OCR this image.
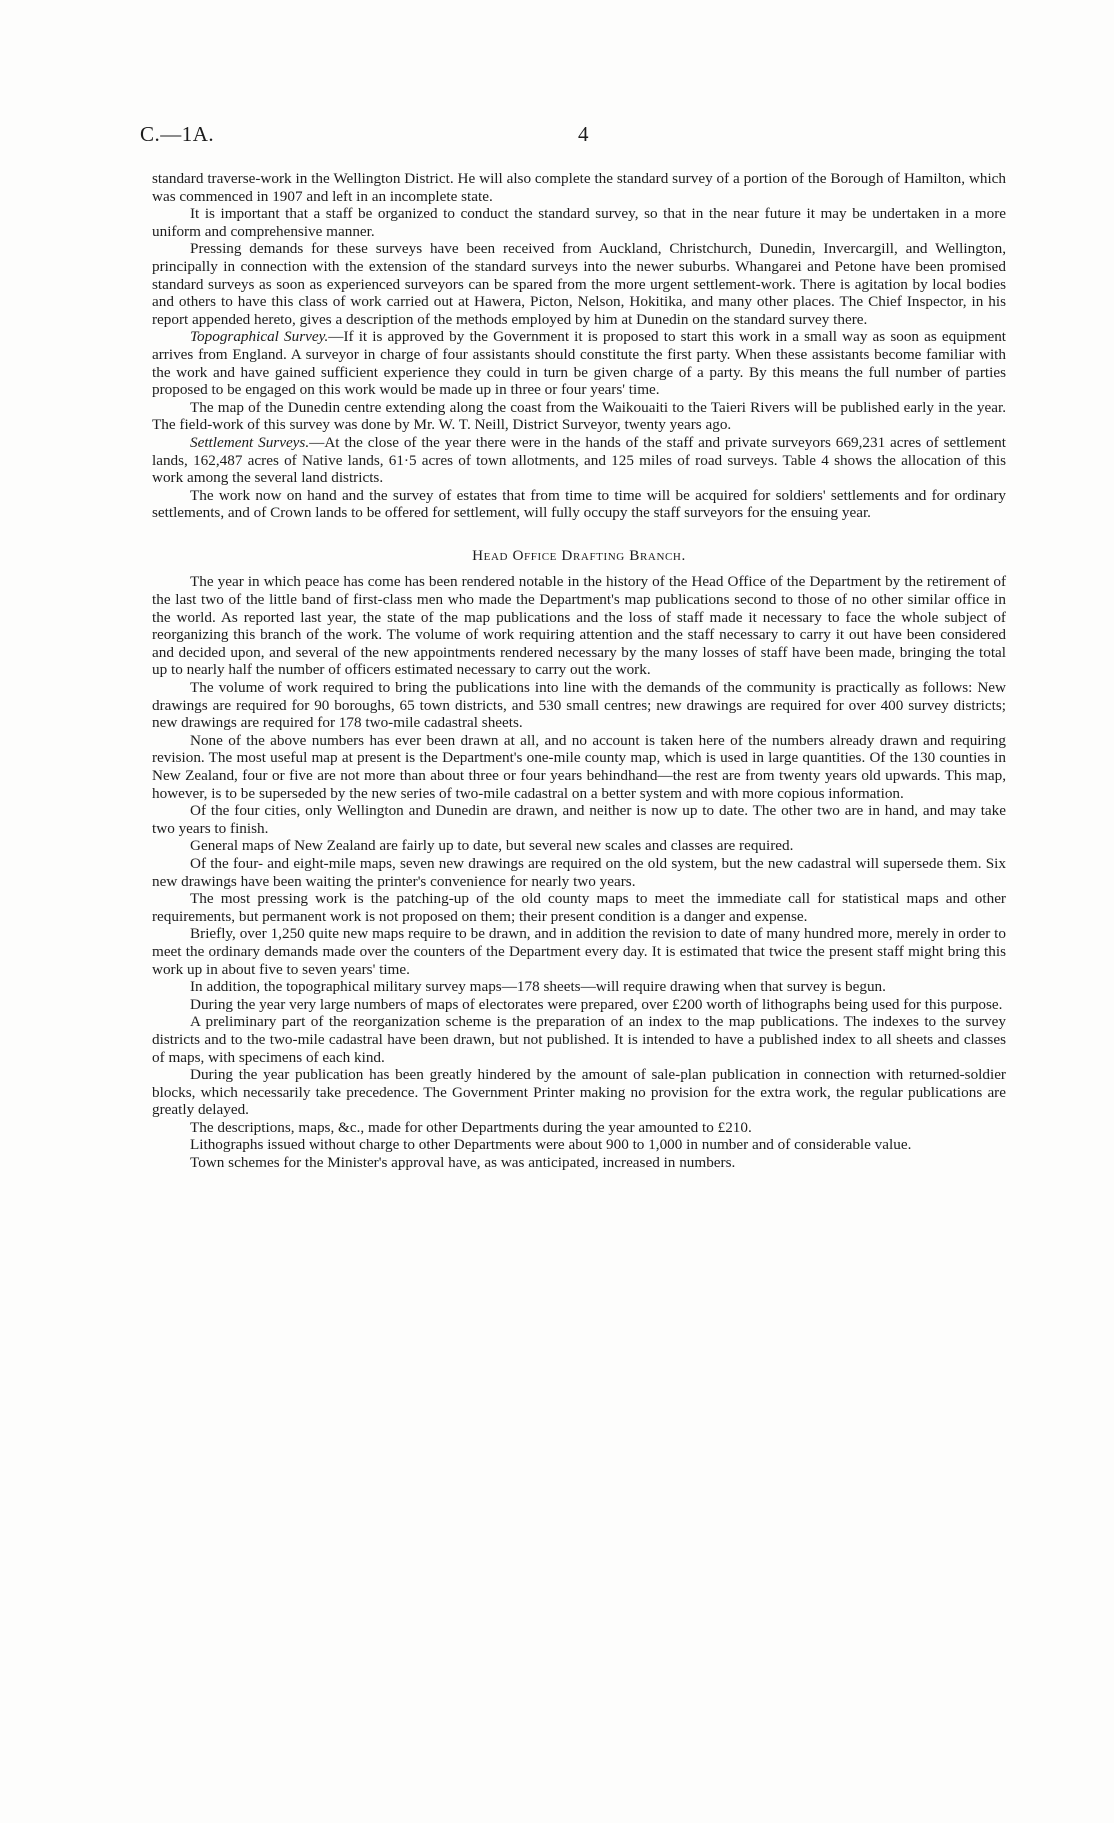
C.—1A.	4

standard traverse-work in the Wellington District. He will also complete the standard survey of a portion of the Borough of Hamilton, which was commenced in 1907 and left in an incomplete state.

It is important that a staff be organized to conduct the standard survey, so that in the near future it may be undertaken in a more uniform and comprehensive manner.

Pressing demands for these surveys have been received from Auckland, Christchurch, Dunedin, Invercargill, and Wellington, principally in connection with the extension of the standard surveys into the newer suburbs. Whangarei and Petone have been promised standard surveys as soon as experienced surveyors can be spared from the more urgent settlement-work. There is agitation by local bodies and others to have this class of work carried out at Hawera, Picton, Nelson, Hokitika, and many other places. The Chief Inspector, in his report appended hereto, gives a description of the methods employed by him at Dunedin on the standard survey there.

Topographical Survey.—If it is approved by the Government it is proposed to start this work in a small way as soon as equipment arrives from England. A surveyor in charge of four assistants should constitute the first party. When these assistants become familiar with the work and have gained sufficient experience they could in turn be given charge of a party. By this means the full number of parties proposed to be engaged on this work would be made up in three or four years' time.

The map of the Dunedin centre extending along the coast from the Waikouaiti to the Taieri Rivers will be published early in the year. The field-work of this survey was done by Mr. W. T. Neill, District Surveyor, twenty years ago.

Settlement Surveys.—At the close of the year there were in the hands of the staff and private surveyors 669,231 acres of settlement lands, 162,487 acres of Native lands, 61·5 acres of town allotments, and 125 miles of road surveys. Table 4 shows the allocation of this work among the several land districts.

The work now on hand and the survey of estates that from time to time will be acquired for soldiers' settlements and for ordinary settlements, and of Crown lands to be offered for settlement, will fully occupy the staff surveyors for the ensuing year.

Head Office Drafting Branch.

The year in which peace has come has been rendered notable in the history of the Head Office of the Department by the retirement of the last two of the little band of first-class men who made the Department's map publications second to those of no other similar office in the world. As reported last year, the state of the map publications and the loss of staff made it necessary to face the whole subject of reorganizing this branch of the work. The volume of work requiring attention and the staff necessary to carry it out have been considered and decided upon, and several of the new appointments rendered necessary by the many losses of staff have been made, bringing the total up to nearly half the number of officers estimated necessary to carry out the work.

The volume of work required to bring the publications into line with the demands of the community is practically as follows: New drawings are required for 90 boroughs, 65 town districts, and 530 small centres; new drawings are required for over 400 survey districts; new drawings are required for 178 two-mile cadastral sheets.

None of the above numbers has ever been drawn at all, and no account is taken here of the numbers already drawn and requiring revision. The most useful map at present is the Department's one-mile county map, which is used in large quantities. Of the 130 counties in New Zealand, four or five are not more than about three or four years behindhand—the rest are from twenty years old upwards. This map, however, is to be superseded by the new series of two-mile cadastral on a better system and with more copious information.

Of the four cities, only Wellington and Dunedin are drawn, and neither is now up to date. The other two are in hand, and may take two years to finish.

General maps of New Zealand are fairly up to date, but several new scales and classes are required.

Of the four- and eight-mile maps, seven new drawings are required on the old system, but the new cadastral will supersede them. Six new drawings have been waiting the printer's convenience for nearly two years.

The most pressing work is the patching-up of the old county maps to meet the immediate call for statistical maps and other requirements, but permanent work is not proposed on them; their present condition is a danger and expense.

Briefly, over 1,250 quite new maps require to be drawn, and in addition the revision to date of many hundred more, merely in order to meet the ordinary demands made over the counters of the Department every day. It is estimated that twice the present staff might bring this work up in about five to seven years' time.

In addition, the topographical military survey maps—178 sheets—will require drawing when that survey is begun.

During the year very large numbers of maps of electorates were prepared, over £200 worth of lithographs being used for this purpose.

A preliminary part of the reorganization scheme is the preparation of an index to the map publications. The indexes to the survey districts and to the two-mile cadastral have been drawn, but not published. It is intended to have a published index to all sheets and classes of maps, with specimens of each kind.

During the year publication has been greatly hindered by the amount of sale-plan publication in connection with returned-soldier blocks, which necessarily take precedence. The Government Printer making no provision for the extra work, the regular publications are greatly delayed.

The descriptions, maps, &c., made for other Departments during the year amounted to £210.

Lithographs issued without charge to other Departments were about 900 to 1,000 in number and of considerable value.

Town schemes for the Minister's approval have, as was anticipated, increased in numbers.
